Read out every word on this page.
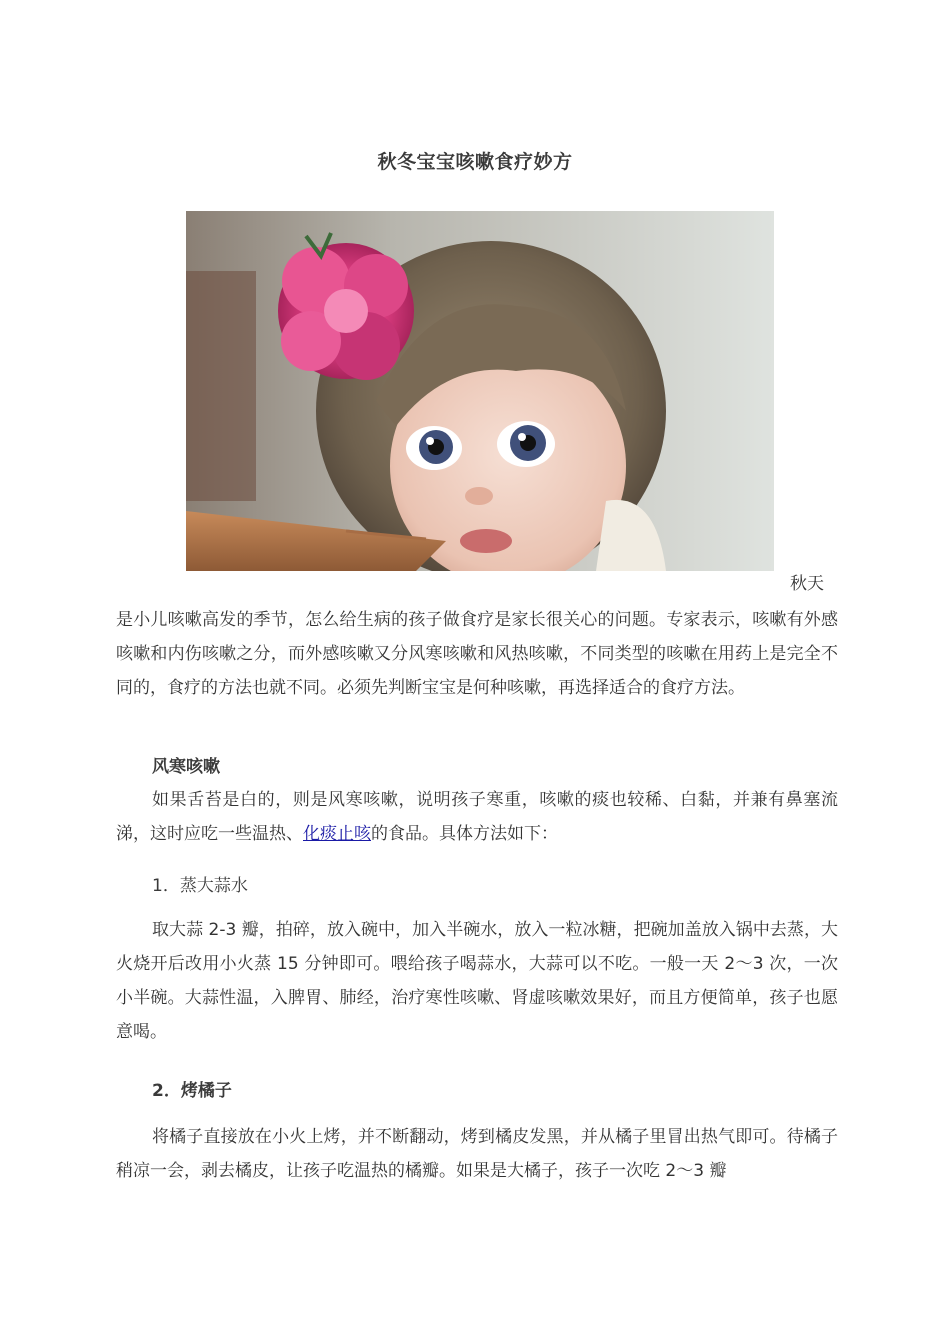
秋冬宝宝咳嗽食疗妙方
秋天
是小儿咳嗽高发的季节，怎么给生病的孩子做食疗是家长很关心的问题。专家表示，咳嗽有外感咳嗽和内伤咳嗽之分，而外感咳嗽又分风寒咳嗽和风热咳嗽，不同类型的咳嗽在用药上是完全不同的，食疗的方法也就不同。必须先判断宝宝是何种咳嗽，再选择适合的食疗方法。
风寒咳嗽
如果舌苔是白的，则是风寒咳嗽，说明孩子寒重，咳嗽的痰也较稀、白黏，并兼有鼻塞流涕，这时应吃一些温热、化痰止咳的食品。具体方法如下：
1．蒸大蒜水
取大蒜 2-3 瓣，拍碎，放入碗中，加入半碗水，放入一粒冰糖，把碗加盖放入锅中去蒸，大火烧开后改用小火蒸 15 分钟即可。喂给孩子喝蒜水，大蒜可以不吃。一般一天 2～3 次，一次小半碗。大蒜性温，入脾胃、肺经，治疗寒性咳嗽、肾虚咳嗽效果好，而且方便简单，孩子也愿意喝。
2．烤橘子
将橘子直接放在小火上烤，并不断翻动，烤到橘皮发黑，并从橘子里冒出热气即可。待橘子稍凉一会，剥去橘皮，让孩子吃温热的橘瓣。如果是大橘子，孩子一次吃 2～3 瓣
